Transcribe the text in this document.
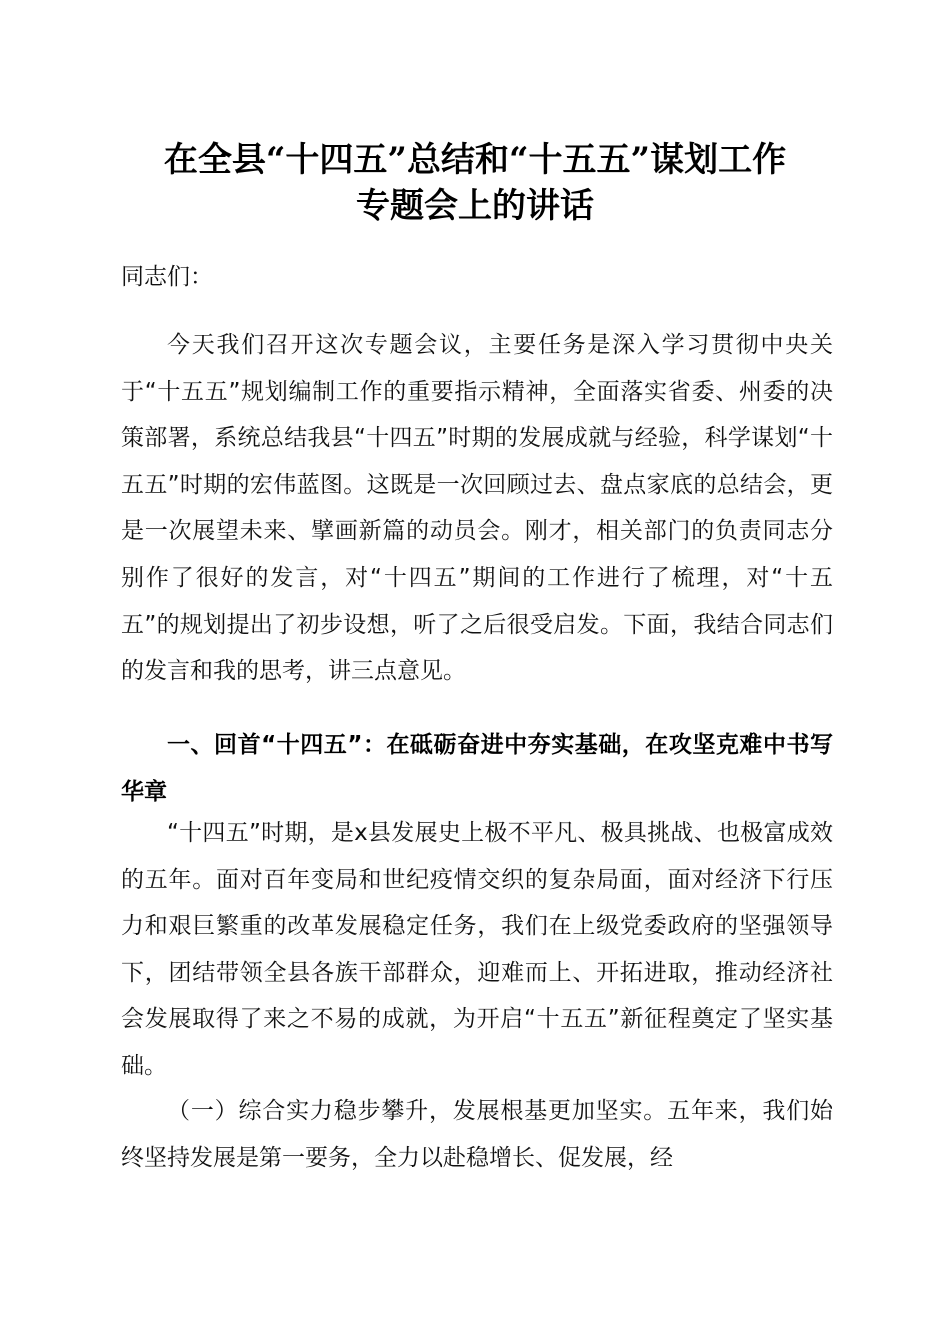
在全县“十四五”总结和“十五五”谋划工作
专题会上的讲话

同志们：

今天我们召开这次专题会议，主要任务是深入学习贯彻中央关于“十五五”规划编制工作的重要指示精神，全面落实省委、州委的决策部署，系统总结我县“十四五”时期的发展成就与经验，科学谋划“十五五”时期的宏伟蓝图。这既是一次回顾过去、盘点家底的总结会，更是一次展望未来、擘画新篇的动员会。刚才，相关部门的负责同志分别作了很好的发言，对“十四五”期间的工作进行了梳理，对“十五五”的规划提出了初步设想，听了之后很受启发。下面，我结合同志们的发言和我的思考，讲三点意见。

一、回首“十四五”：在砥砺奋进中夯实基础，在攻坚克难中书写华章

“十四五”时期，是x县发展史上极不平凡、极具挑战、也极富成效的五年。面对百年变局和世纪疫情交织的复杂局面，面对经济下行压力和艰巨繁重的改革发展稳定任务，我们在上级党委政府的坚强领导下，团结带领全县各族干部群众，迎难而上、开拓进取，推动经济社会发展取得了来之不易的成就，为开启“十五五”新征程奠定了坚实基础。

（一）综合实力稳步攀升，发展根基更加坚实。五年来，我们始终坚持发展是第一要务，全力以赴稳增长、促发展，经
